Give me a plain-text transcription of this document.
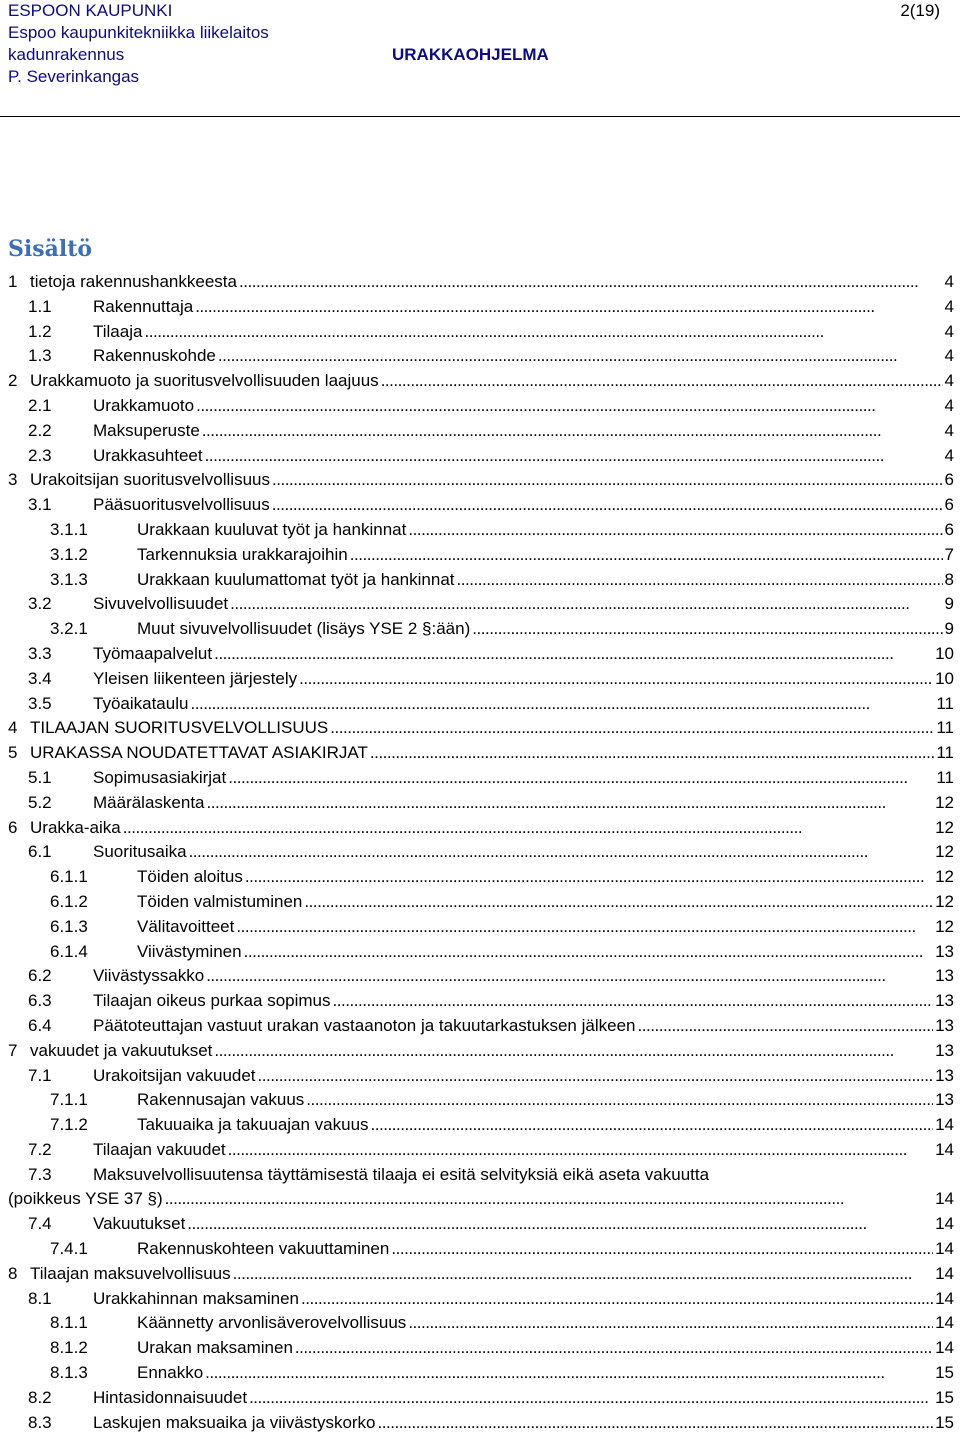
ESPOON KAUPUNKI
Espoo kaupunkitekniikka liikelaitos
kadunrakennus	URAKKAOHJELMA
P. Severinkangas
2(19)
Sisältö
1 tietoja rakennushankkeesta . . .	4
1.1	Rakennuttaja . . .	4
1.2	Tilaaja . . .	4
1.3	Rakennuskohde . . .	4
2 Urakkamuoto ja suoritusvelvollisuuden laajuus . . .	4
2.1	Urakkamuoto . . .	4
2.2	Maksuperuste . . .	4
2.3	Urakkasuhteet . . .	4
3 Urakoitsijan suoritusvelvollisuus . . .	6
3.1	Pääsuoritusvelvollisuus . . .	6
3.1.1	Urakkaan kuuluvat työt ja hankinnat . . .	6
3.1.2	Tarkennuksia urakkarajoihin . . .	7
3.1.3	Urakkaan kuulumattomat työt ja hankinnat . . .	8
3.2	Sivuvelvollisuudet . . .	9
3.2.1	Muut sivuvelvollisuudet (lisäys YSE 2 §:ään) . . .	9
3.3	Työmaapalvelut . . .	10
3.4	Yleisen liikenteen järjestely . . .	10
3.5	Työaikataulu . . .	11
4 TILAAJAN SUORITUSVELVOLLISUUS . . .	11
5 URAKASSA NOUDATETTAVAT ASIAKIRJAT . . .	11
5.1	Sopimusasiakirjat . . .	11
5.2	Määrälaskenta . . .	12
6 Urakka-aika . . .	12
6.1	Suoritusaika . . .	12
6.1.1	Töiden aloitus . . .	12
6.1.2	Töiden valmistuminen . . .	12
6.1.3	Välitavoitteet . . .	12
6.1.4	Viivästyminen . . .	13
6.2	Viivästyssakko . . .	13
6.3	Tilaajan oikeus purkaa sopimus . . .	13
6.4	Päätoteuttajan vastuut urakan vastaanoton ja takuutarkastuksen jälkeen . . .	13
7 vakuudet ja vakuutukset . . .	13
7.1	Urakoitsijan vakuudet . . .	13
7.1.1	Rakennusajan vakuus . . .	13
7.1.2	Takuuaika ja takuuajan vakuus . . .	14
7.2	Tilaajan vakuudet . . .	14
7.3	Maksuvelvollisuutensa täyttämisestä tilaaja ei esitä selvityksiä eikä aseta vakuutta
(poikkeus YSE 37 §) . . .	14
7.4	Vakuutukset . . .	14
7.4.1	Rakennuskohteen vakuuttaminen . . .	14
8 Tilaajan maksuvelvollisuus . . .	14
8.1	Urakkahinnan maksaminen . . .	14
8.1.1	Käännetty arvonlisäverovelvollisuus . . .	14
8.1.2	Urakan maksaminen . . .	14
8.1.3	Ennakko . . .	15
8.2	Hintasidonnaisuudet . . .	15
8.3	Laskujen maksuaika ja viivästyskorko . . .	15
